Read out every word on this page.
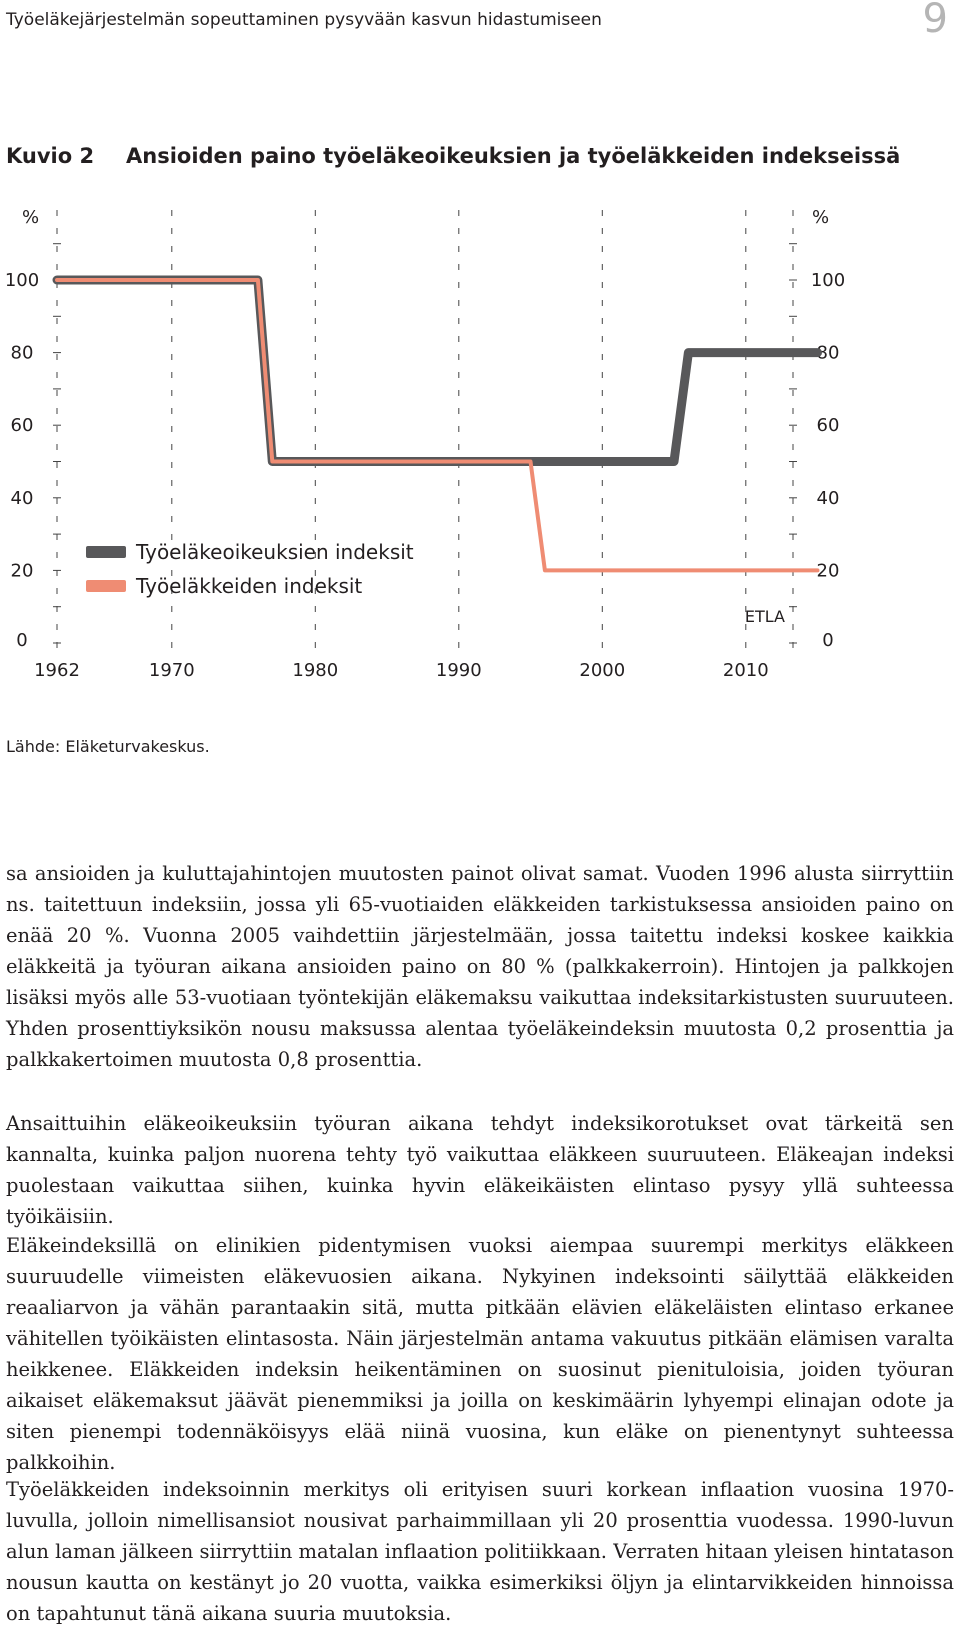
Työeläkejärjestelmän sopeuttaminen pysyvään kasvun hidastumiseen	9
Kuvio 2 Ansioiden paino työeläkeoikeuksien ja työeläkkeiden indekseissä
0	0
20	20
40	40
60	60
80	80
100	100
1962	1970	1980	1990	2000	2010
Työeläkeoikeuksien indeksit
Työeläkkeiden indeksit
%	%
ETLA
Lähde: Eläketurvakeskus.

sa ansioiden ja kuluttajahintojen muutosten painot olivat samat. Vuoden 1996 alusta siirryttiin ns. taitettuun indeksiin, jossa yli 65-vuotiaiden eläkkeiden tarkistuksessa ansioiden paino on enää 20 %. Vuonna 2005 vaihdettiin järjestelmään, jossa taitettu indeksi koskee kaikkia eläkkeitä ja työuran aikana ansioiden paino on 80 % (palkkakerroin). Hintojen ja palkkojen lisäksi myös alle 53-vuotiaan työntekijän eläkemaksu vaikuttaa indeksitarkistusten suuruuteen. Yhden prosenttiyksikön nousu maksussa alentaa työeläkeindeksin muutosta 0,2 prosenttia ja palkkakertoimen muutosta 0,8 prosenttia.

Ansaittuihin eläkeoikeuksiin työuran aikana tehdyt indeksikorotukset ovat tärkeitä sen kannalta, kuinka paljon nuorena tehty työ vaikuttaa eläkkeen suuruuteen. Eläkeajan indeksi puolestaan vaikuttaa siihen, kuinka hyvin eläkeikäisten elintaso pysyy yllä suhteessa työikäisiin.

Eläkeindeksillä on elinikien pidentymisen vuoksi aiempaa suurempi merkitys eläkkeen suuruudelle viimeisten eläkevuosien aikana. Nykyinen indeksointi säilyttää eläkkeiden reaaliarvon ja vähän parantaakin sitä, mutta pitkään elävien eläkeläisten elintaso erkanee vähitellen työikäisten elintasosta. Näin järjestelmän antama vakuutus pitkään elämisen varalta heikkenee. Eläkkeiden indeksin heikentäminen on suosinut pienituloisia, joiden työuran aikaiset eläkemaksut jäävät pienemmiksi ja joilla on keskimäärin lyhyempi elinajan odote ja siten pienempi todennäköisyys elää niinä vuosina, kun eläke on pienentynyt suhteessa palkkoihin.

Työeläkkeiden indeksoinnin merkitys oli erityisen suuri korkean inflaation vuosina 1970-luvulla, jolloin nimellisansiot nousivat parhaimmillaan yli 20 prosenttia vuodessa. 1990-luvun alun laman jälkeen siirryttiin matalan inflaation politiikkaan. Verraten hitaan yleisen hintatason nousun kautta on kestänyt jo 20 vuotta, vaikka esimerkiksi öljyn ja elintarvikkeiden hinnoissa on tapahtunut tänä aikana suuria muutoksia.
